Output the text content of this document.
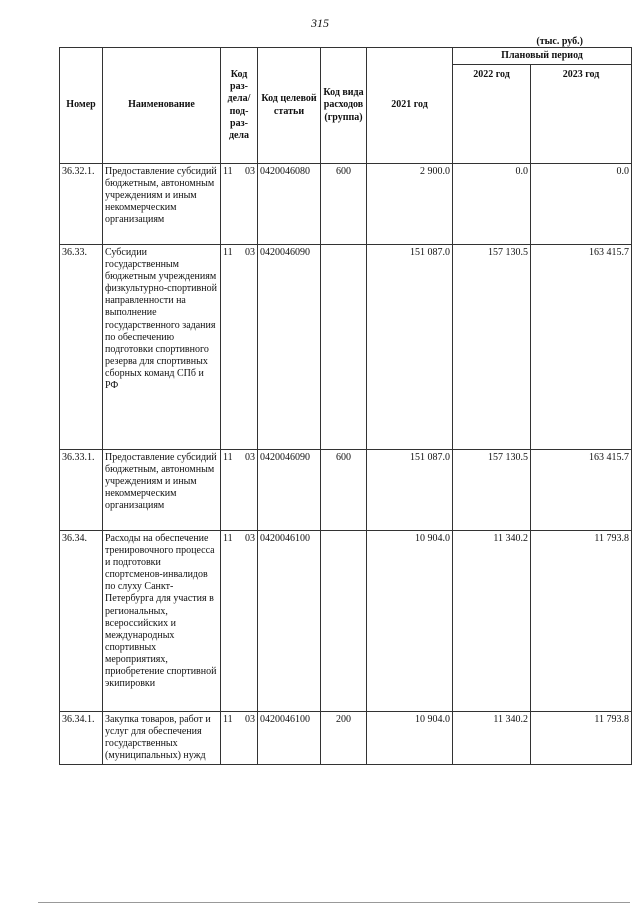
315
(тыс. руб.)
Номер	Наименование	Код раз-дела/ под-раз-дела	Код целевой статьи	Код вида расходов (группа)	2021 год	Плановый период	
						2022 год	2023 год
36.32.1.	Предоставление субсидий бюджетным, автономным учреждениям и иным некоммерческим организациям	11 03	0420046080	600	2 900.0	0.0	0.0
36.33.	Субсидии государственным бюджетным учреждениям физкультурно-спортивной направленности на выполнение государственного задания по обеспечению подготовки спортивного резерва для спортивных сборных команд СПб и РФ	11 03	0420046090		151 087.0	157 130.5	163 415.7
36.33.1.	Предоставление субсидий бюджетным, автономным учреждениям и иным некоммерческим организациям	11 03	0420046090	600	151 087.0	157 130.5	163 415.7
36.34.	Расходы на обеспечение тренировочного процесса и подготовки спортсменов-инвалидов по слуху Санкт-Петербурга для участия в региональных, всероссийских и международных спортивных мероприятиях, приобретение спортивной экипировки	11 03	0420046100		10 904.0	11 340.2	11 793.8
36.34.1.	Закупка товаров, работ и услуг для обеспечения государственных (муниципальных) нужд	11 03	0420046100	200	10 904.0	11 340.2	11 793.8
